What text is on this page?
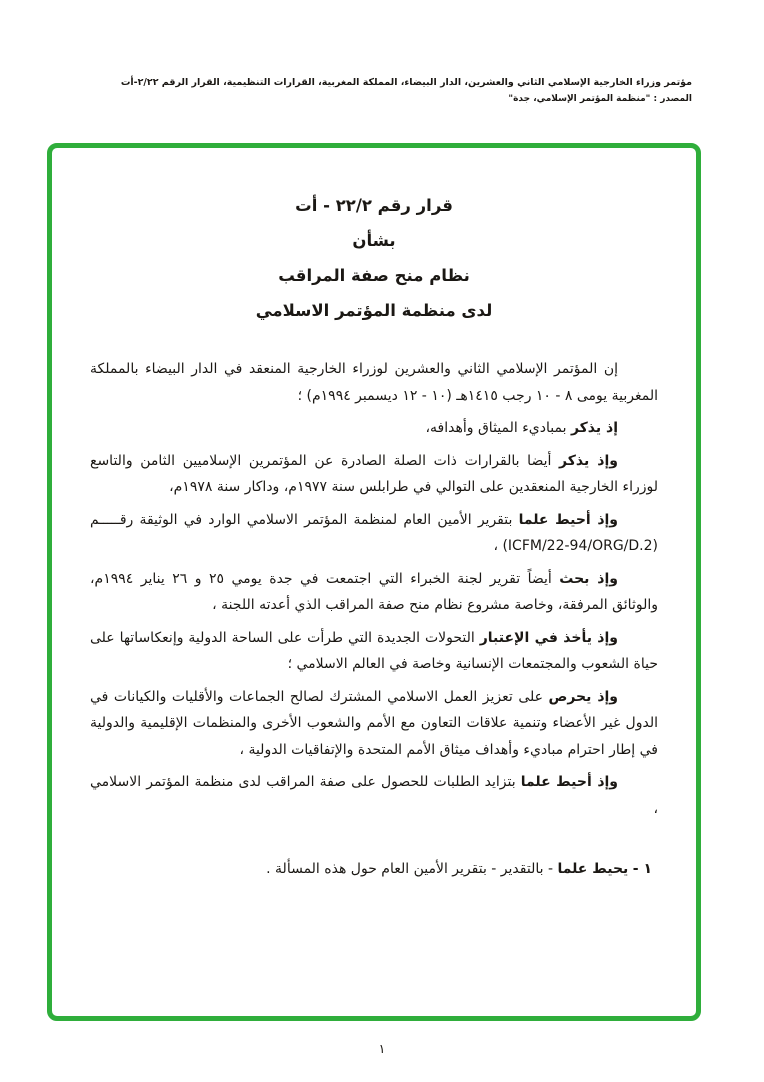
مؤتمر وزراء الخارجية الإسلامي الثاني والعشرين، الدار البيضاء، المملكة المغربية، القرارات التنظيمية، القرار الرقم ٢/٢٢-أت
المصدر : "منظمة المؤتمر الإسلامي، جدة"
قرار رقم ٢٢/٢ - أت
بشأن
نظام منح صفة المراقب
لدى منظمة المؤتمر الاسلامي

إن المؤتمر الإسلامي الثاني والعشرين لوزراء الخارجية المنعقد في الدار البيضاء بالمملكة المغربية يومى ٨ - ١٠ رجب ١٤١٥هـ (١٠ - ١٢ ديسمبر ١٩٩٤م) ؛

إذ يذكر بمباديء الميثاق وأهدافه،

وإذ يذكر أيضا بالقرارات ذات الصلة الصادرة عن المؤتمرين الإسلاميين الثامن والتاسع لوزراء الخارجية المنعقدين على التوالي في طرابلس سنة ١٩٧٧م، وداكار سنة ١٩٧٨م،

وإذ أحيط علما بتقرير الأمين العام لمنظمة المؤتمر الاسلامي الوارد في الوثيقة رقـــــم (ICFM/22-94/ORG/D.2) ،

وإذ بحث أيضاً تقرير لجنة الخبراء التي اجتمعت في جدة يومي ٢٥ و ٢٦ يناير ١٩٩٤م، والوثائق المرفقة، وخاصة مشروع نظام منح صفة المراقب الذي أعدته اللجنة ،

وإذ يأخذ في الإعتبار التحولات الجديدة التي طرأت على الساحة الدولية وإنعكاساتها على حياة الشعوب والمجتمعات الإنسانية وخاصة في العالم الاسلامي ؛

وإذ يحرص على تعزيز العمل الاسلامي المشترك لصالح الجماعات والأقليات والكيانات في الدول غير الأعضاء وتنمية علاقات التعاون مع الأمم والشعوب الأخرى والمنظمات الإقليمية والدولية في إطار احترام مباديء وأهداف ميثاق الأمم المتحدة والإتفاقيات الدولية ،

وإذ أحيط علما بتزايد الطلبات للحصول على صفة المراقب لدى منظمة المؤتمر الاسلامي ،

١ - يحيط علما - بالتقدير - بتقرير الأمين العام حول هذه المسألة .

١
